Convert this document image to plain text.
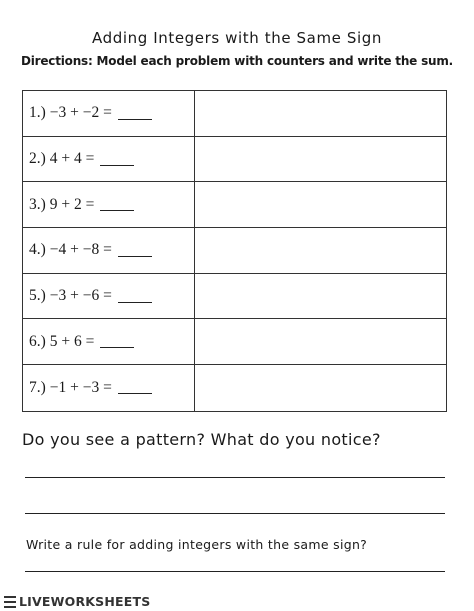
Adding Integers with the Same Sign
Directions: Model each problem with counters and write the sum.
1.) −3 + −2 =
2.) 4 + 4 =
3.) 9 + 2 =
4.) −4 + −8 =
5.) −3 + −6 =
6.) 5 + 6 =
7.) −1 + −3 =
Do you see a pattern? What do you notice?
Write a rule for adding integers with the same sign?
LIVEWORKSHEETS
